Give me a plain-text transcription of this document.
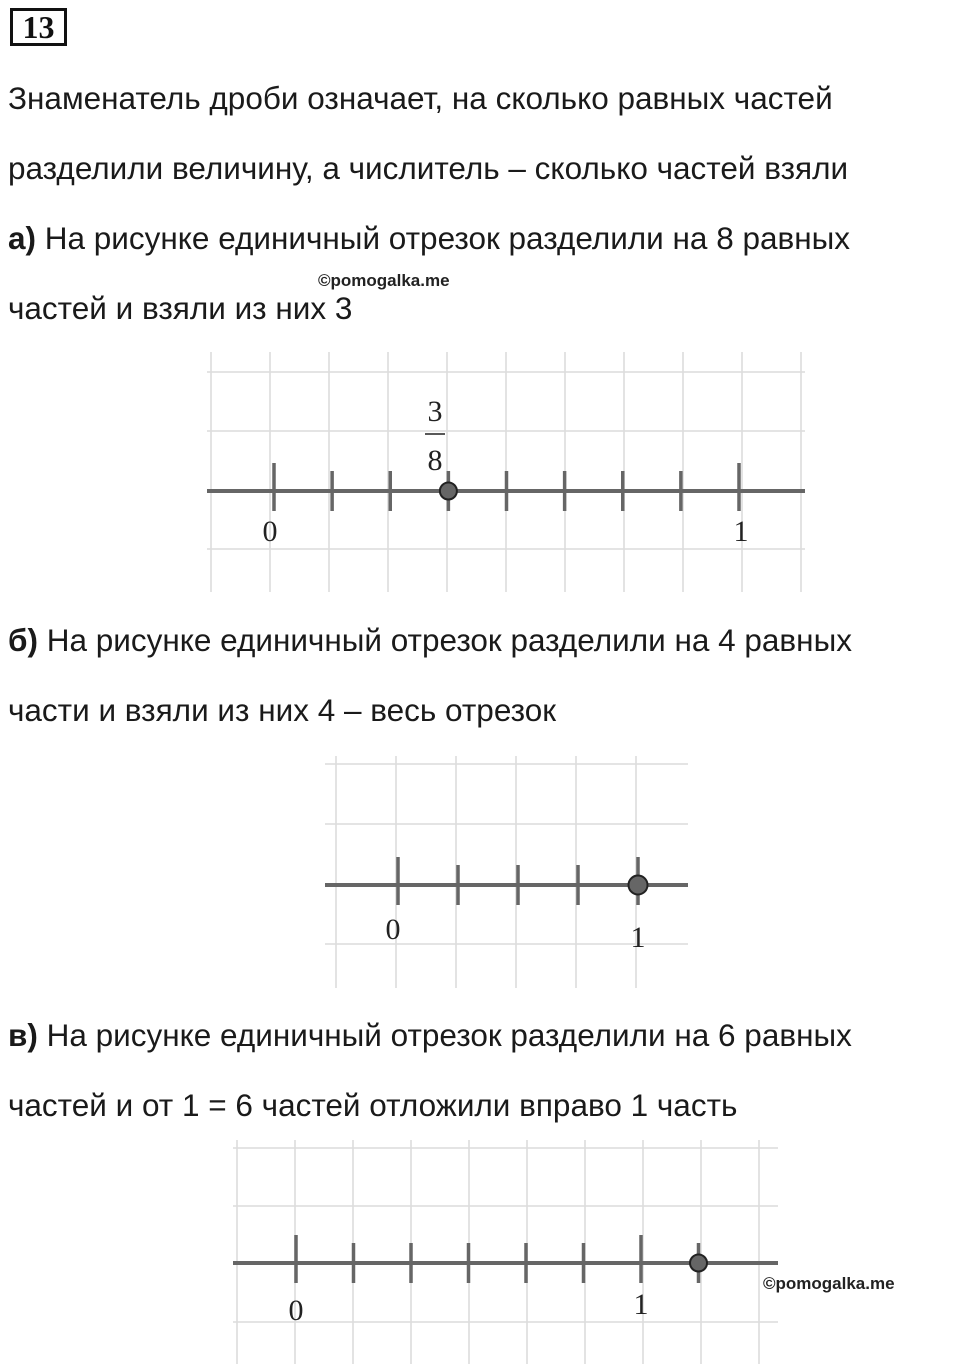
13
Знаменатель дроби означает, на сколько равных частей
разделили величину, а числитель – сколько частей взяли
а) На рисунке единичный отрезок разделили на 8 равных
©pomogalka.me
частей и взяли из них 3
0	1
3
8
б) На рисунке единичный отрезок разделили на 4 равных
части и взяли из них 4 – весь отрезок
0	1
в) На рисунке единичный отрезок разделили на 6 равных
частей и от 1 = 6 частей отложили вправо 1 часть
0	1
©pomogalka.me
